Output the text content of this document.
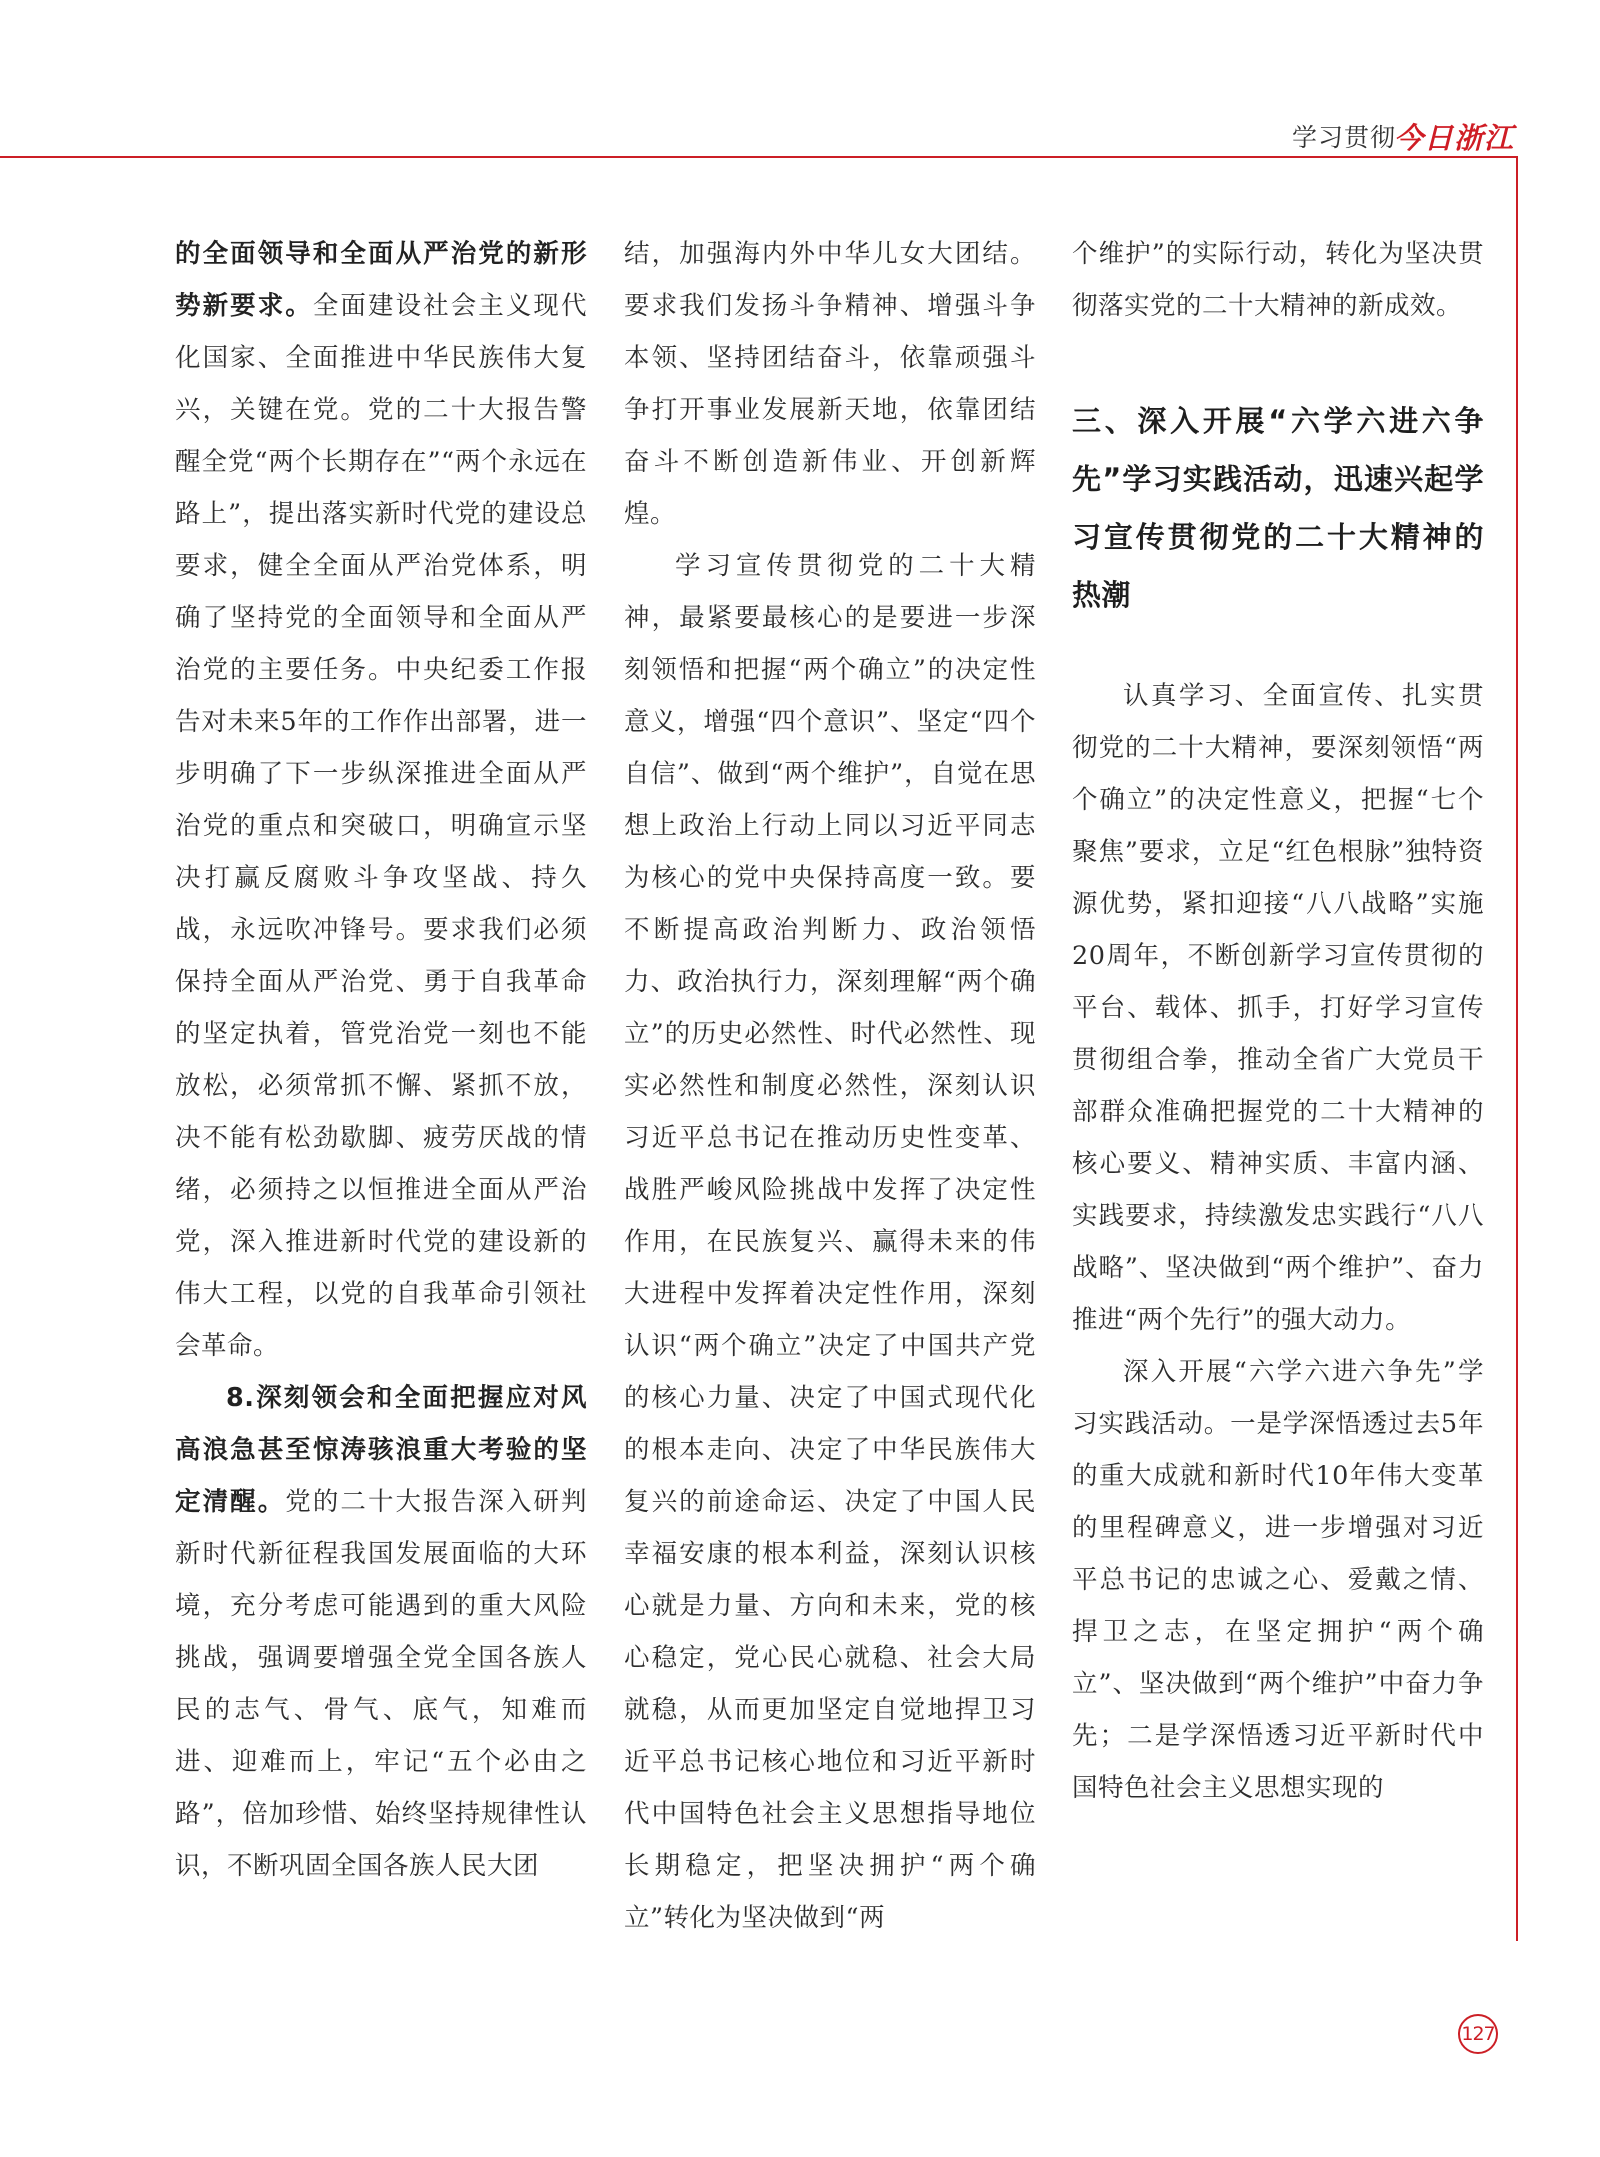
学习贯彻
今日浙江

的全面领导和全面从严治党的新形势新要求。全面建设社会主义现代化国家、全面推进中华民族伟大复兴，关键在党。党的二十大报告警醒全党“两个长期存在”“两个永远在路上”，提出落实新时代党的建设总要求，健全全面从严治党体系，明确了坚持党的全面领导和全面从严治党的主要任务。中央纪委工作报告对未来5年的工作作出部署，进一步明确了下一步纵深推进全面从严治党的重点和突破口，明确宣示坚决打赢反腐败斗争攻坚战、持久战，永远吹冲锋号。要求我们必须保持全面从严治党、勇于自我革命的坚定执着，管党治党一刻也不能放松，必须常抓不懈、紧抓不放，决不能有松劲歇脚、疲劳厌战的情绪，必须持之以恒推进全面从严治党，深入推进新时代党的建设新的伟大工程，以党的自我革命引领社会革命。

8.深刻领会和全面把握应对风高浪急甚至惊涛骇浪重大考验的坚定清醒。党的二十大报告深入研判新时代新征程我国发展面临的大环境，充分考虑可能遇到的重大风险挑战，强调要增强全党全国各族人民的志气、骨气、底气，知难而进、迎难而上，牢记“五个必由之路”，倍加珍惜、始终坚持规律性认识，不断巩固全国各族人民大团

结，加强海内外中华儿女大团结。要求我们发扬斗争精神、增强斗争本领、坚持团结奋斗，依靠顽强斗争打开事业发展新天地，依靠团结奋斗不断创造新伟业、开创新辉煌。

学习宣传贯彻党的二十大精神，最紧要最核心的是要进一步深刻领悟和把握“两个确立”的决定性意义，增强“四个意识”、坚定“四个自信”、做到“两个维护”，自觉在思想上政治上行动上同以习近平同志为核心的党中央保持高度一致。要不断提高政治判断力、政治领悟力、政治执行力，深刻理解“两个确立”的历史必然性、时代必然性、现实必然性和制度必然性，深刻认识习近平总书记在推动历史性变革、战胜严峻风险挑战中发挥了决定性作用，在民族复兴、赢得未来的伟大进程中发挥着决定性作用，深刻认识“两个确立”决定了中国共产党的核心力量、决定了中国式现代化的根本走向、决定了中华民族伟大复兴的前途命运、决定了中国人民幸福安康的根本利益，深刻认识核心就是力量、方向和未来，党的核心稳定，党心民心就稳、社会大局就稳，从而更加坚定自觉地捍卫习近平总书记核心地位和习近平新时代中国特色社会主义思想指导地位长期稳定，把坚决拥护“两个确立”转化为坚决做到“两

个维护”的实际行动，转化为坚决贯彻落实党的二十大精神的新成效。

三、深入开展“六学六进六争先”学习实践活动，迅速兴起学习宣传贯彻党的二十大精神的热潮

认真学习、全面宣传、扎实贯彻党的二十大精神，要深刻领悟“两个确立”的决定性意义，把握“七个聚焦”要求，立足“红色根脉”独特资源优势，紧扣迎接“八八战略”实施20周年，不断创新学习宣传贯彻的平台、载体、抓手，打好学习宣传贯彻组合拳，推动全省广大党员干部群众准确把握党的二十大精神的核心要义、精神实质、丰富内涵、实践要求，持续激发忠实践行“八八战略”、坚决做到“两个维护”、奋力推进“两个先行”的强大动力。

深入开展“六学六进六争先”学习实践活动。一是学深悟透过去5年的重大成就和新时代10年伟大变革的里程碑意义，进一步增强对习近平总书记的忠诚之心、爱戴之情、捍卫之志，在坚定拥护“两个确立”、坚决做到“两个维护”中奋力争先；二是学深悟透习近平新时代中国特色社会主义思想实现的

127
